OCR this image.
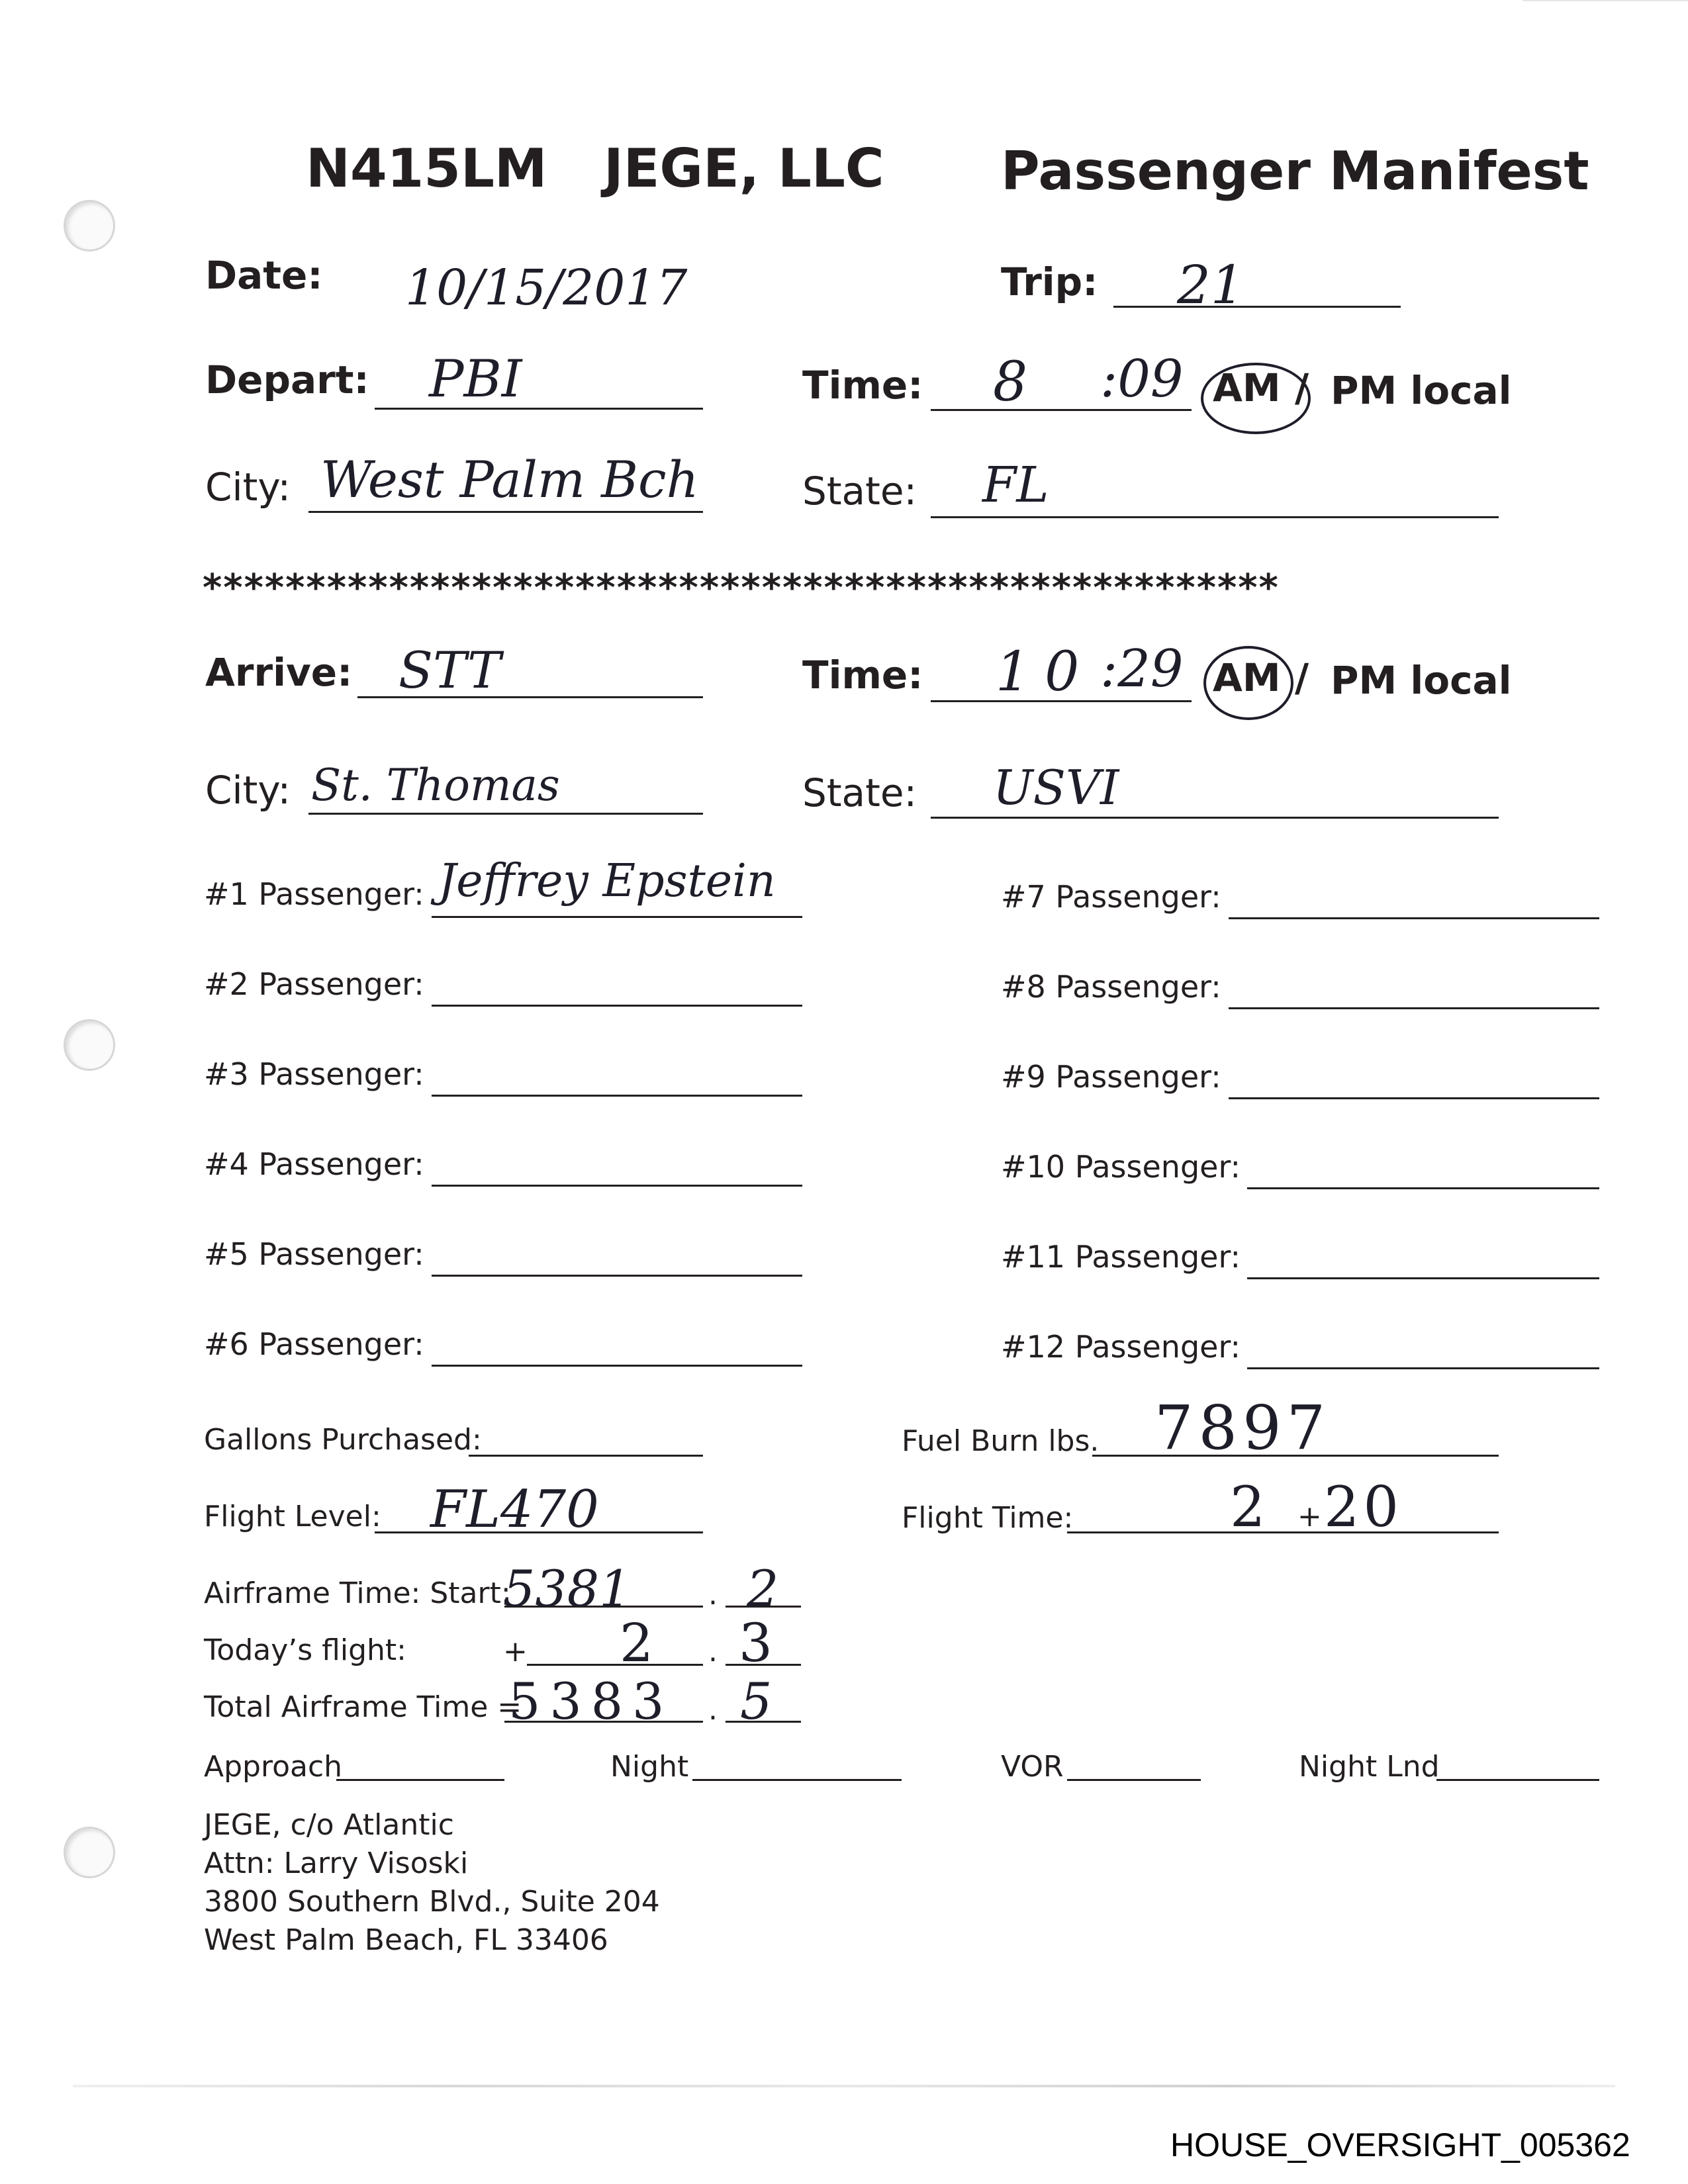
N415LM JEGE, LLC Passenger Manifest
Date: 10/15/2017	Trip: 21
Depart: PBI	Time: 8 :09 AM / PM local
City: West Palm Bch	State: FL
****************************************************
Arrive: STT	Time: 10 :29 AM / PM local
City: St. Thomas	State: USVI
#1 Passenger: Jeffrey Epstein
#2 Passenger:
#3 Passenger:
#4 Passenger:
#5 Passenger:
#6 Passenger:
#7 Passenger:
#8 Passenger:
#9 Passenger:
#10 Passenger:
#11 Passenger:
#12 Passenger:
Gallons Purchased:	Fuel Burn lbs. 7897
Flight Level: FL470	Flight Time:	2 + 20
Airframe Time: Start:
5381	. 2
Today’s flight:	+ 2 . 3
Total Airframe Time =
5383 . 5
Approach	Night	VOR	Night Lnd
JEGE, c/o Atlantic
Attn: Larry Visoski
3800 Southern Blvd., Suite 204
West Palm Beach, FL 33406
HOUSE_OVERSIGHT_005362
